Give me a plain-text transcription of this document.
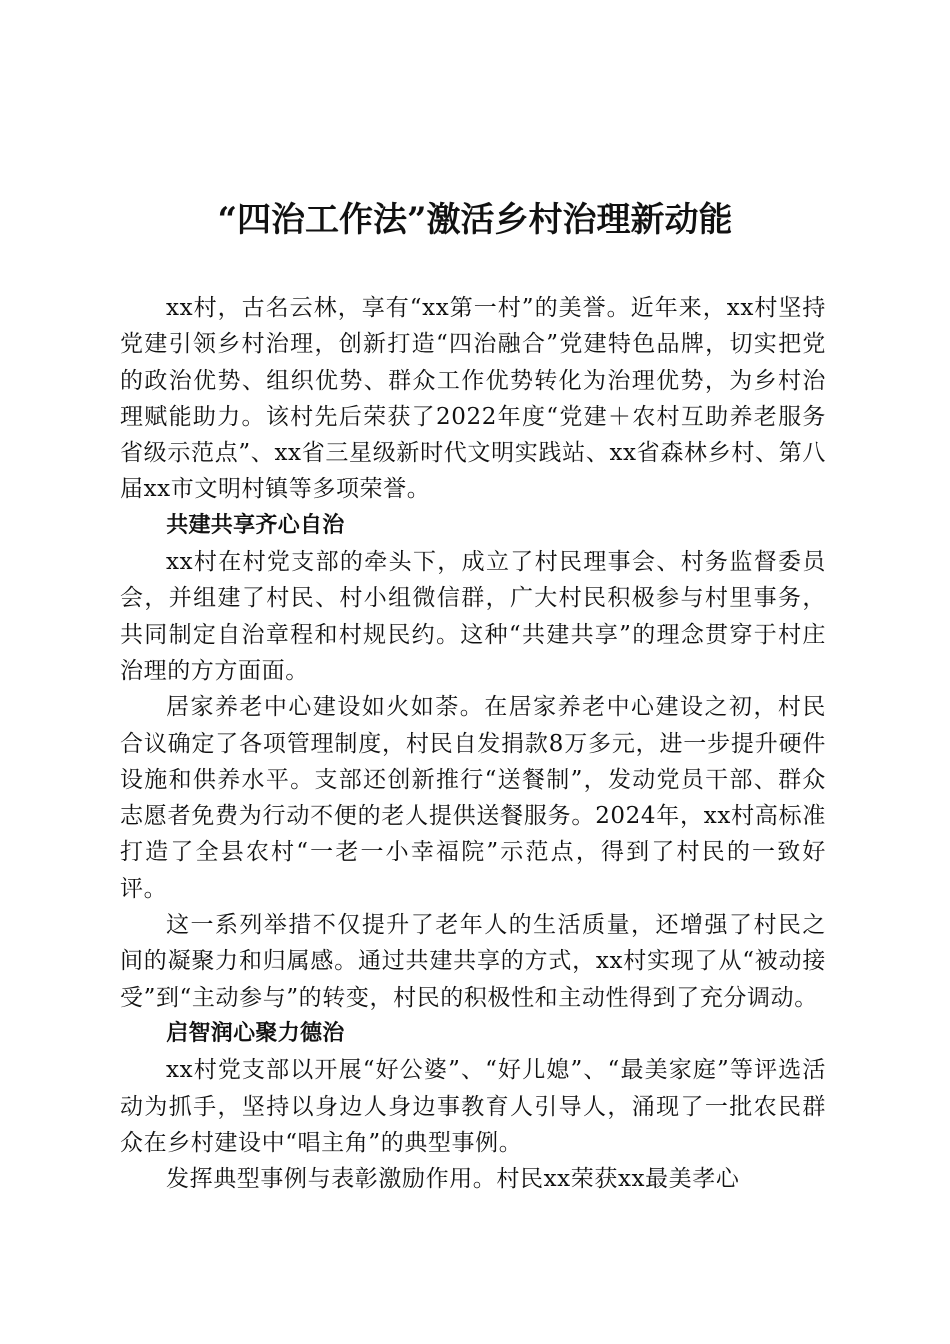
“四治工作法”激活乡村治理新动能

xx村，古名云林，享有“xx第一村”的美誉。近年来，xx村坚持党建引领乡村治理，创新打造“四治融合”党建特色品牌，切实把党的政治优势、组织优势、群众工作优势转化为治理优势，为乡村治理赋能助力。该村先后荣获了2022年度“党建＋农村互助养老服务省级示范点”、xx省三星级新时代文明实践站、xx省森林乡村、第八届xx市文明村镇等多项荣誉。

共建共享齐心自治

xx村在村党支部的牵头下，成立了村民理事会、村务监督委员会，并组建了村民、村小组微信群，广大村民积极参与村里事务，共同制定自治章程和村规民约。这种“共建共享”的理念贯穿于村庄治理的方方面面。

居家养老中心建设如火如荼。在居家养老中心建设之初，村民合议确定了各项管理制度，村民自发捐款8万多元，进一步提升硬件设施和供养水平。支部还创新推行“送餐制”，发动党员干部、群众志愿者免费为行动不便的老人提供送餐服务。2024年，xx村高标准打造了全县农村“一老一小幸福院”示范点，得到了村民的一致好评。

这一系列举措不仅提升了老年人的生活质量，还增强了村民之间的凝聚力和归属感。通过共建共享的方式，xx村实现了从“被动接受”到“主动参与”的转变，村民的积极性和主动性得到了充分调动。

启智润心聚力德治

xx村党支部以开展“好公婆”、“好儿媳”、“最美家庭”等评选活动为抓手，坚持以身边人身边事教育人引导人，涌现了一批农民群众在乡村建设中“唱主角”的典型事例。

发挥典型事例与表彰激励作用。村民xx荣获xx最美孝心
